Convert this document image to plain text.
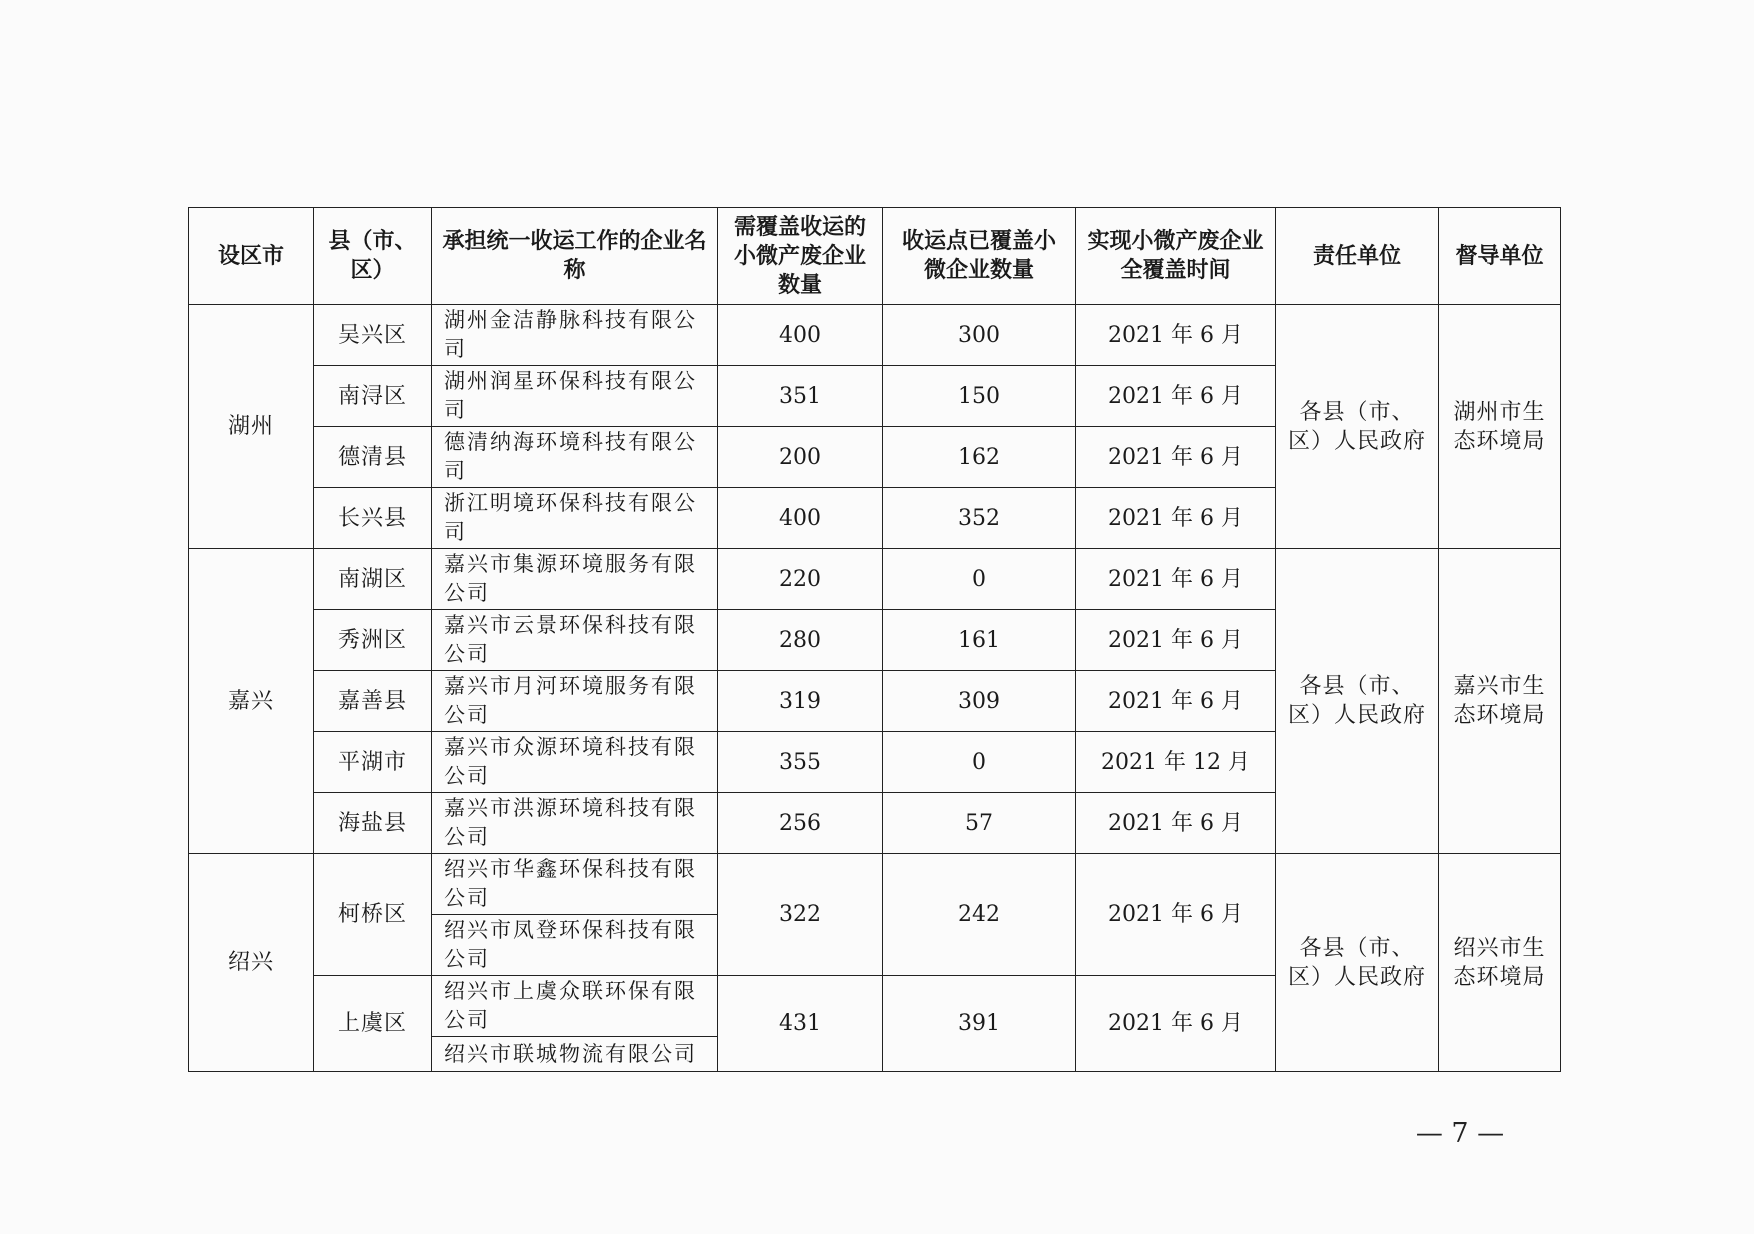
设区市	县（市、区）	承担统一收运工作的企业名称	需覆盖收运的小微产废企业数量	收运点已覆盖小微企业数量	实现小微产废企业全覆盖时间	责任单位	督导单位
湖州	吴兴区	湖州金洁静脉科技有限公司	400	300	2021 年 6 月	各县（市、区）人民政府	湖州市生态环境局
	南浔区	湖州润星环保科技有限公司	351	150	2021 年 6 月		
	德清县	德清纳海环境科技有限公司	200	162	2021 年 6 月		
	长兴县	浙江明境环保科技有限公司	400	352	2021 年 6 月		
嘉兴	南湖区	嘉兴市集源环境服务有限公司	220	0	2021 年 6 月	各县（市、区）人民政府	嘉兴市生态环境局
	秀洲区	嘉兴市云景环保科技有限公司	280	161	2021 年 6 月		
	嘉善县	嘉兴市月河环境服务有限公司	319	309	2021 年 6 月		
	平湖市	嘉兴市众源环境科技有限公司	355	0	2021 年 12 月		
	海盐县	嘉兴市洪源环境科技有限公司	256	57	2021 年 6 月		
绍兴	柯桥区	绍兴市华鑫环保科技有限公司	322	242	2021 年 6 月	各县（市、区）人民政府	绍兴市生态环境局
		绍兴市凤登环保科技有限公司					
	上虞区	绍兴市上虞众联环保有限公司	431	391	2021 年 6 月		
		绍兴市联城物流有限公司					
— 7 —
